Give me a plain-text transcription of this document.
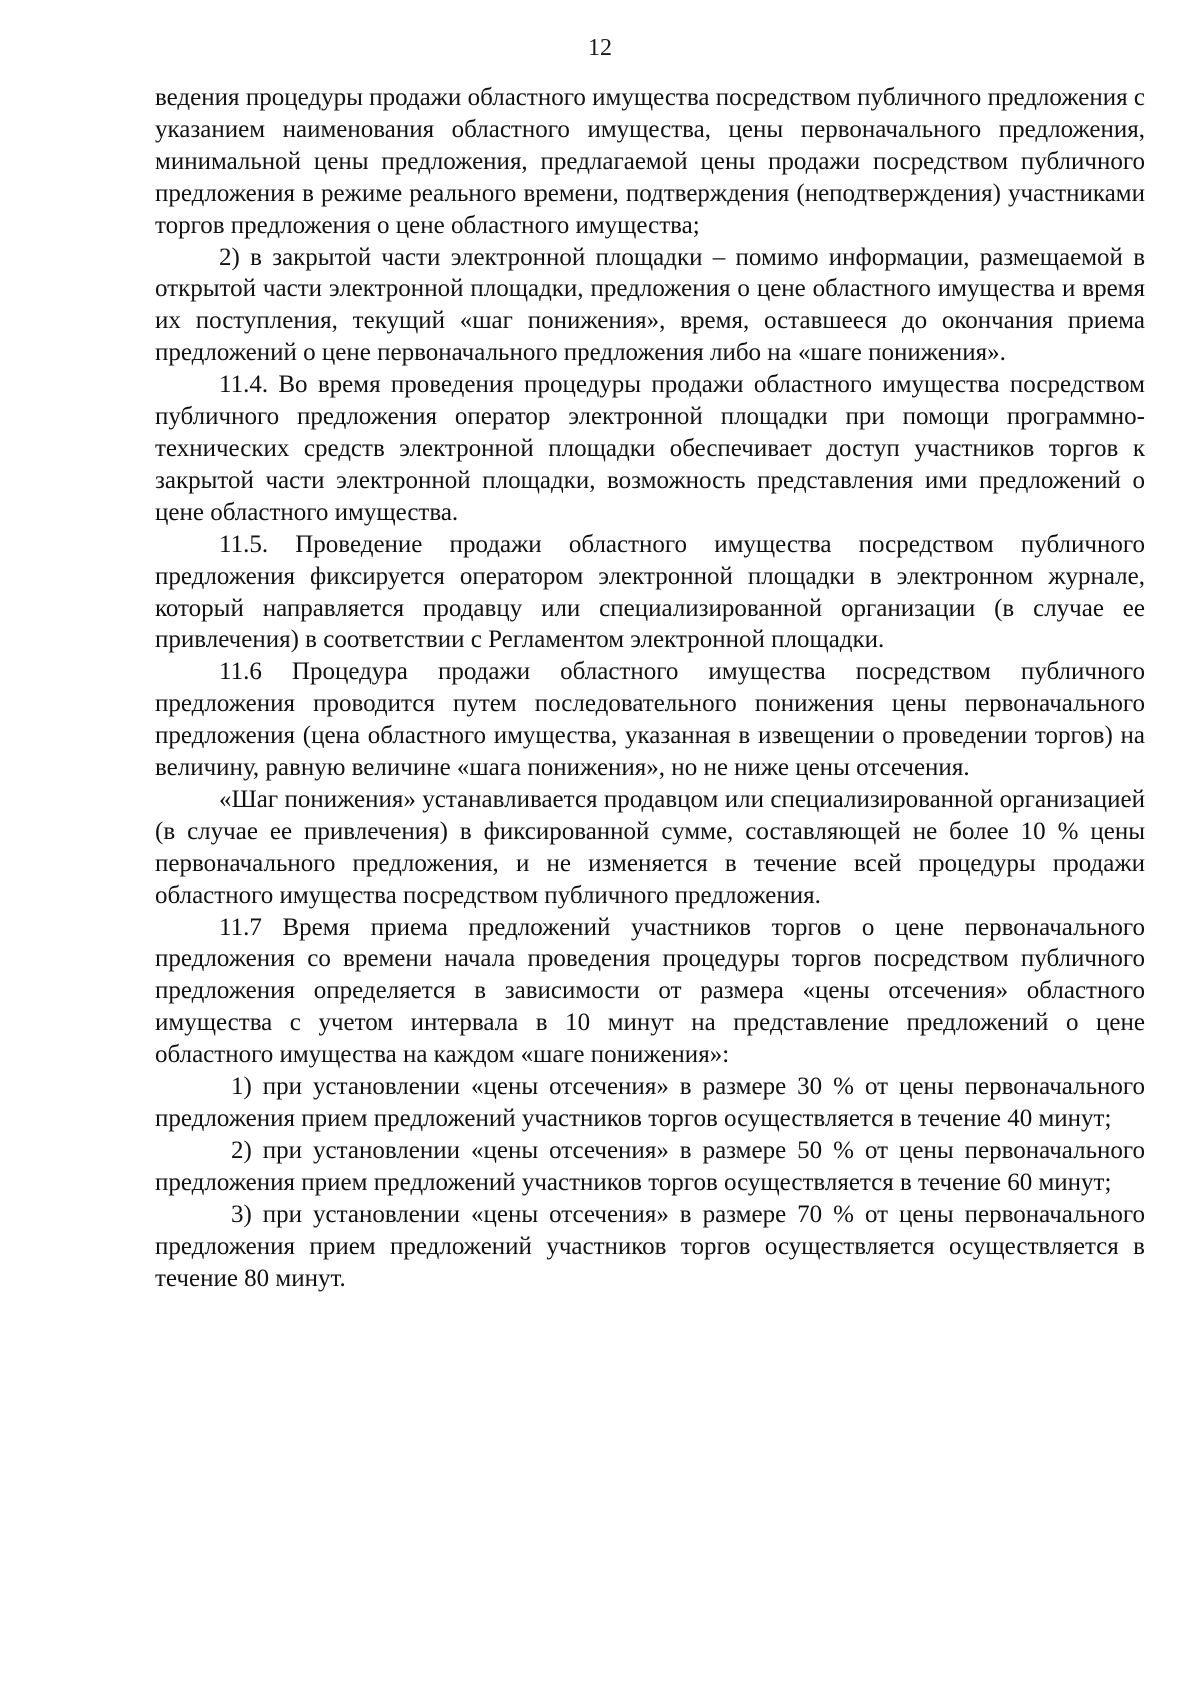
12

ведения процедуры продажи областного имущества посредством публичного предложения с указанием наименования областного имущества, цены первоначального предложения, минимальной цены предложения, предлагаемой цены продажи посредством публичного предложения в режиме реального времени, подтверждения (неподтверждения) участниками торгов предложения о цене областного имущества;

2) в закрытой части электронной площадки – помимо информации, размещаемой в открытой части электронной площадки, предложения о цене областного имущества и время их поступления, текущий «шаг понижения», время, оставшееся до окончания приема предложений о цене первоначального предложения либо на «шаге понижения».

11.4. Во время проведения процедуры продажи областного имущества посредством публичного предложения оператор электронной площадки при помощи программно-технических средств электронной площадки обеспечивает доступ участников торгов к закрытой части электронной площадки, возможность представления ими предложений о цене областного имущества.

11.5. Проведение продажи областного имущества посредством публичного предложения фиксируется оператором электронной площадки в электронном журнале, который направляется продавцу или специализированной организации (в случае ее привлечения) в соответствии с Регламентом электронной площадки.

11.6 Процедура продажи областного имущества посредством публичного предложения проводится путем последовательного понижения цены первоначального предложения (цена областного имущества, указанная в извещении о проведении торгов) на величину, равную величине «шага понижения», но не ниже цены отсечения.

«Шаг понижения» устанавливается продавцом или специализированной организацией (в случае ее привлечения) в фиксированной сумме, составляющей не более 10 % цены первоначального предложения, и не изменяется в течение всей процедуры продажи областного имущества посредством публичного предложения.

11.7 Время приема предложений участников торгов о цене первоначального предложения со времени начала проведения процедуры торгов посредством публичного предложения определяется в зависимости от размера «цены отсечения» областного имущества с учетом интервала в 10 минут на представление предложений о цене областного имущества на каждом «шаге понижения»:

1) при установлении «цены отсечения» в размере 30 % от цены первоначального предложения прием предложений участников торгов осуществляется в течение 40 минут;

2) при установлении «цены отсечения» в размере 50 % от цены первоначального предложения прием предложений участников торгов осуществляется в течение 60 минут;

3) при установлении «цены отсечения» в размере 70 % от цены первоначального предложения прием предложений участников торгов осуществляется осуществляется в течение 80 минут.
